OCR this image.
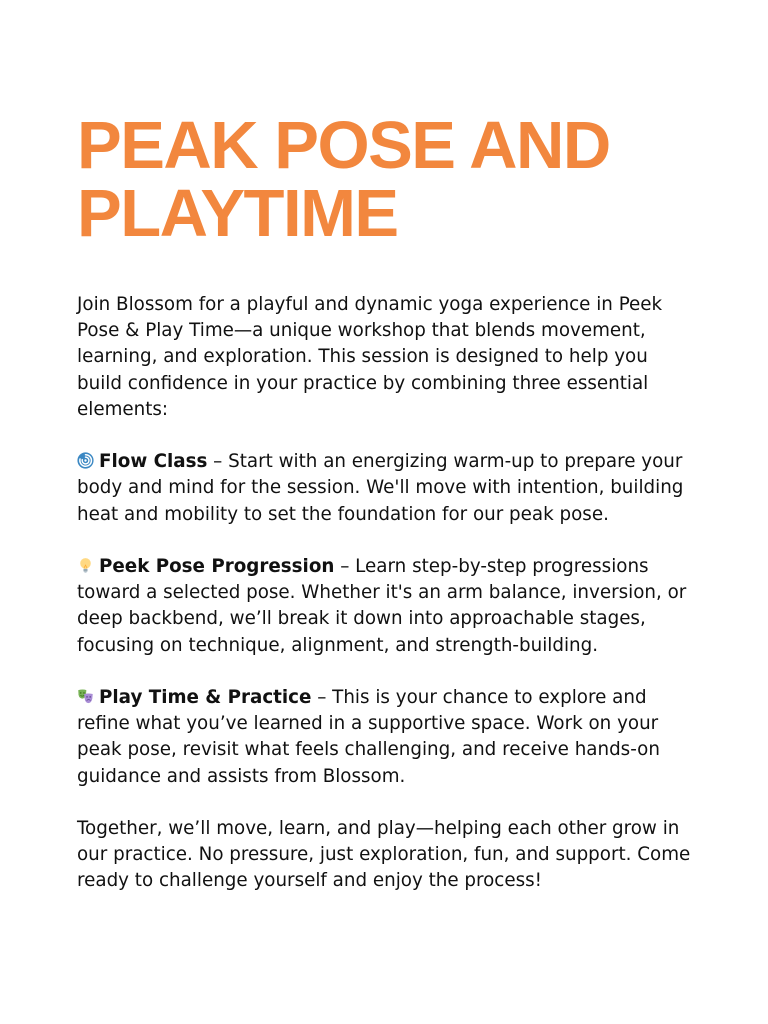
PEAK POSE AND PLAYTIME

Join Blossom for a playful and dynamic yoga experience in Peek Pose & Play Time—a unique workshop that blends movement, learning, and exploration. This session is designed to help you build confidence in your practice by combining three essential elements:

Flow Class – Start with an energizing warm-up to prepare your body and mind for the session. We'll move with intention, building heat and mobility to set the foundation for our peak pose.

Peek Pose Progression – Learn step-by-step progressions toward a selected pose. Whether it's an arm balance, inversion, or deep backbend, we’ll break it down into approachable stages, focusing on technique, alignment, and strength-building.

Play Time & Practice – This is your chance to explore and refine what you’ve learned in a supportive space. Work on your peak pose, revisit what feels challenging, and receive hands-on guidance and assists from Blossom.

Together, we’ll move, learn, and play—helping each other grow in our practice. No pressure, just exploration, fun, and support. Come ready to challenge yourself and enjoy the process!
